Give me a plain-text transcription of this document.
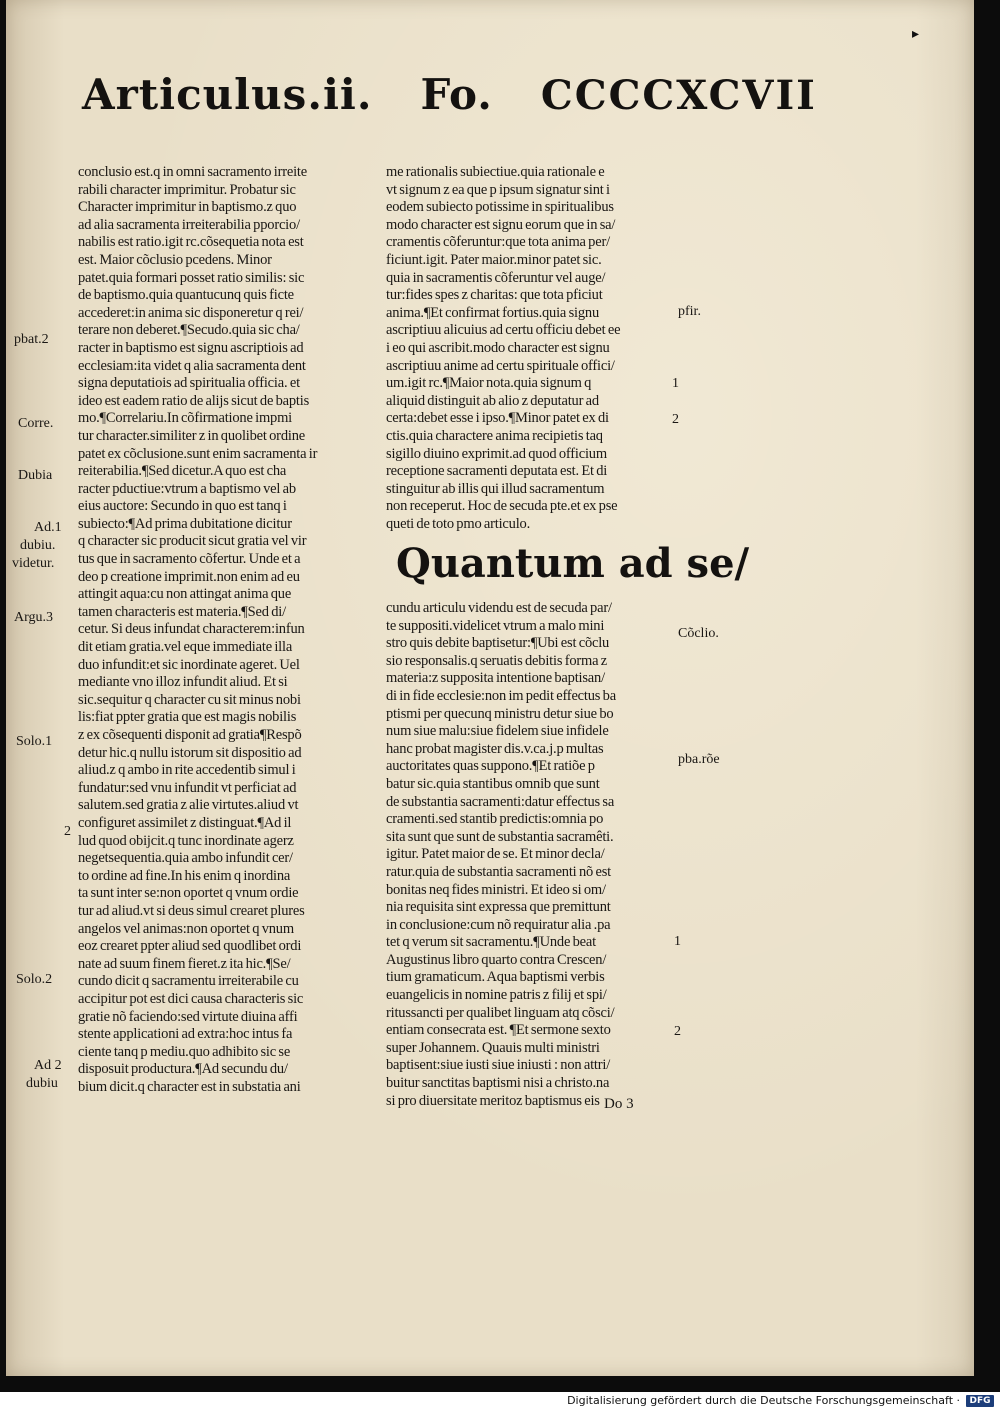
▸
Articulus.ii. Fo. CCCCXCVII
conclusio est.q in omni sacramento irreite
rabili character imprimitur. Probatur sic
Character imprimitur in baptismo.z quo
ad alia sacramenta irreiterabilia pporcio/
nabilis est ratio.igit rc.cõsequetia nota est
est. Maior cõclusio pcedens. Minor
patet.quia formari posset ratio similis: sic
de baptismo.quia quantucunq quis ficte
accederet:in anima sic disponeretur q rei/
terare non deberet.¶Secudo.quia sic cha/
racter in baptismo est signu ascriptiois ad
ecclesiam:ita videt q alia sacramenta dent
signa deputatiois ad spiritualia officia. et
ideo est eadem ratio de alijs sicut de baptis
mo.¶Correlariu.In cõfirmatione impmi
tur character.similiter z in quolibet ordine
patet ex cõclusione.sunt enim sacramenta ir
reiterabilia.¶Sed dicetur.A quo est cha
racter pductiue:vtrum a baptismo vel ab
eius auctore: Secundo in quo est tanq i
subiecto:¶Ad prima dubitatione dicitur
q character sic producit sicut gratia vel vir
tus que in sacramento cõfertur. Unde et a
deo p creatione imprimit.non enim ad eu
attingit aqua:cu non attingat anima que
tamen characteris est materia.¶Sed di/
cetur. Si deus infundat characterem:infun
dit etiam gratia.vel eque immediate illa
duo infundit:et sic inordinate ageret. Uel
mediante vno illoz infundit aliud. Et si
sic.sequitur q character cu sit minus nobi
lis:fiat ppter gratia que est magis nobilis
z ex cõsequenti disponit ad gratia¶Respõ
detur hic.q nullu istorum sit dispositio ad
aliud.z q ambo in rite accedentib simul i
fundatur:sed vnu infundit vt perficiat ad
salutem.sed gratia z alie virtutes.aliud vt
configuret assimilet z distinguat.¶Ad il
lud quod obijcit.q tunc inordinate agerz
negetsequentia.quia ambo infundit cer/
to ordine ad fine.In his enim q inordina
ta sunt inter se:non oportet q vnum ordie
tur ad aliud.vt si deus simul crearet plures
angelos vel animas:non oportet q vnum
eoz crearet ppter aliud sed quodlibet ordi
nate ad suum finem fieret.z ita hic.¶Se/
cundo dicit q sacramentu irreiterabile cu
accipitur pot est dici causa characteris sic
gratie nõ faciendo:sed virtute diuina affi
stente applicationi ad extra:hoc intus fa
ciente tanq p mediu.quo adhibito sic se
disposuit productura.¶Ad secundu du/
bium dicit.q character est in substatia ani
me rationalis subiectiue.quia rationale e
vt signum z ea que p ipsum signatur sint i
eodem subiecto potissime in spiritualibus
modo character est signu eorum que in sa/
cramentis cõferuntur:que tota anima per/
ficiunt.igit. Pater maior.minor patet sic.
quia in sacramentis cõferuntur vel auge/
tur:fides spes z charitas: que tota pficiut
anima.¶Et confirmat fortius.quia signu
ascriptiuu alicuius ad certu officiu debet ee
i eo qui ascribit.modo character est signu
ascriptiuu anime ad certu spirituale offici/
um.igit rc.¶Maior nota.quia signum q
aliquid distinguit ab alio z deputatur ad
certa:debet esse i ipso.¶Minor patet ex di
ctis.quia charactere anima recipietis taq
sigillo diuino exprimit.ad quod officium
receptione sacramenti deputata est. Et di
stinguitur ab illis qui illud sacramentum
non receperut. Hoc de secuda pte.et ex pse
queti de toto pmo articulo.
Quantum ad se/
cundu articulu videndu est de secuda par/
te suppositi.videlicet vtrum a malo mini
stro quis debite baptisetur:¶Ubi est cõclu
sio responsalis.q seruatis debitis forma z
materia:z supposita intentione baptisan/
di in fide ecclesie:non im pedit effectus ba
ptismi per quecunq ministru detur siue bo
num siue malu:siue fidelem siue infidele
hanc probat magister dis.v.ca.j.p multas
auctoritates quas suppono.¶Et ratiõe p
batur sic.quia stantibus omnib que sunt
de substantia sacramenti:datur effectus sa
cramenti.sed stantib predictis:omnia po
sita sunt que sunt de substantia sacramêti.
igitur. Patet maior de se. Et minor decla/
ratur.quia de substantia sacramenti nõ est
bonitas neq fides ministri. Et ideo si om/
nia requisita sint expressa que premittunt
in conclusione:cum nõ requiratur alia .pa
tet q verum sit sacramentu.¶Unde beat
Augustinus libro quarto contra Crescen/
tium gramaticum. Aqua baptismi verbis
euangelicis in nomine patris z filij et spi/
ritussancti per qualibet linguam atq cõsci/
entiam consecrata est. ¶Et sermone sexto
super Johannem. Quauis multi ministri
baptisent:siue iusti siue iniusti : non attri/
buitur sanctitas baptismi nisi a christo.na
si pro diuersitate meritoz baptismus eis
pbat.2
Corre.
Dubia
Ad.1
dubiu.
videtur.
Argu.3
Solo.1
2
Solo.2
Ad 2
dubiu
pfir.
1
2
Cõclio.
pba.rõe
1
2
Do 3
Digitalisierung gefördert durch die Deutsche Forschungsgemeinschaft ·	DFG
